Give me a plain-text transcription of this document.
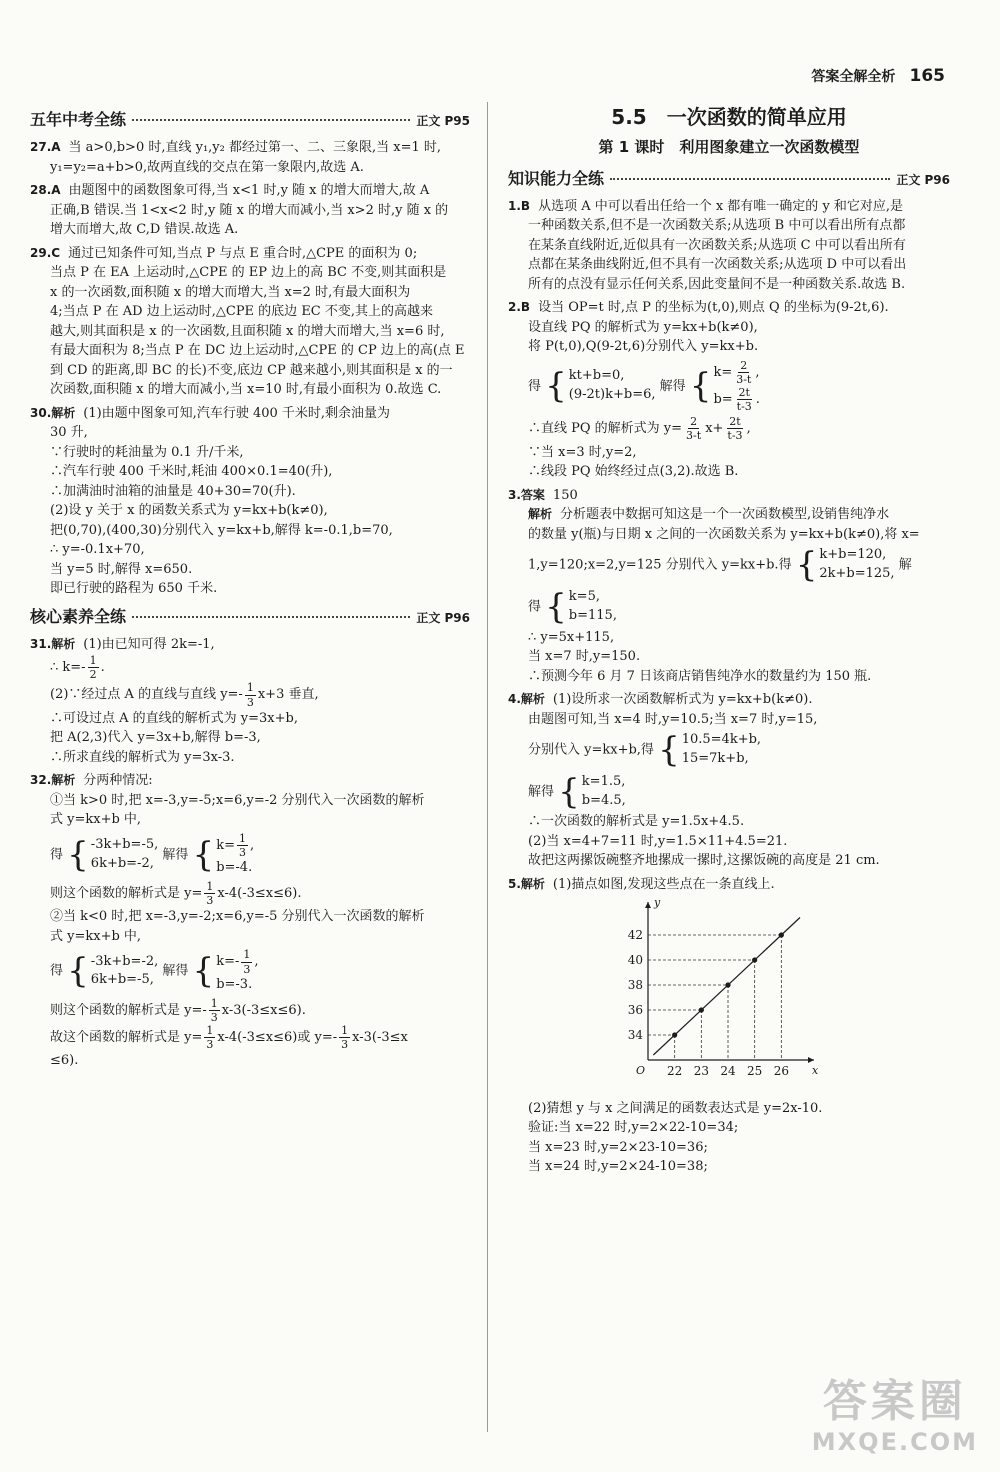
答案全解全析 165
五年中考全练	正文 P95

27.A 当 a>0,b>0 时,直线 y₁,y₂ 都经过第一、二、三象限,当 x=1 时,

y₁=y₂=a+b>0,故两直线的交点在第一象限内,故选 A.

28.A 由题图中的函数图象可得,当 x<1 时,y 随 x 的增大而增大,故 A

正确,B 错误.当 1<x<2 时,y 随 x 的增大而减小,当 x>2 时,y 随 x 的

增大而增大,故 C,D 错误.故选 A.

29.C 通过已知条件可知,当点 P 与点 E 重合时,△CPE 的面积为 0;

当点 P 在 EA 上运动时,△CPE 的 EP 边上的高 BC 不变,则其面积是

x 的一次函数,面积随 x 的增大而增大,当 x=2 时,有最大面积为

4;当点 P 在 AD 边上运动时,△CPE 的底边 EC 不变,其上的高越来

越大,则其面积是 x 的一次函数,且面积随 x 的增大而增大,当 x=6 时,

有最大面积为 8;当点 P 在 DC 边上运动时,△CPE 的 CP 边上的高(点 E

到 CD 的距离,即 BC 的长)不变,底边 CP 越来越小,则其面积是 x 的一

次函数,面积随 x 的增大而减小,当 x=10 时,有最小面积为 0.故选 C.

30.解析 (1)由题中图象可知,汽车行驶 400 千米时,剩余油量为

30 升,

∵行驶时的耗油量为 0.1 升/千米,

∴汽车行驶 400 千米时,耗油 400×0.1=40(升),

∴加满油时油箱的油量是 40+30=70(升).

(2)设 y 关于 x 的函数关系式为 y=kx+b(k≠0),

把(0,70),(400,30)分别代入 y=kx+b,解得 k=-0.1,b=70,

∴ y=-0.1x+70,

当 y=5 时,解得 x=650.

即已行驶的路程为 650 千米.

核心素养全练	正文 P96

31.解析 (1)由已知可得 2k=-1,

∴ $k=- \frac{1}{2}$ .

(2)∵经过点 A 的直线与直线 $y=- \frac{1}{3} x+3$ 垂直,

∴可设过点 A 的直线的解析式为 y=3x+b,

把 A(2,3)代入 y=3x+b,解得 b=-3,

∴所求直线的解析式为 y=3x-3.

32.解析 分两种情况:

①当 k>0 时,把 x=-3,y=-5;x=6,y=-2 分别代入一次函数的解析

式 y=kx+b 中,

得 { -3k+b=-5,
6k+b=-2,
解得 { $k= \frac{1}{3}$ ,
b=-4.

则这个函数的解析式是 $y= \frac{1}{3} x-4(-3\le x\le 6)$.

②当 k<0 时,把 x=-3,y=-2;x=6,y=-5 分别代入一次函数的解析

式 y=kx+b 中,

得 { -3k+b=-2,
6k+b=-5,
解得 { $k=- \frac{1}{3}$ ,
b=-3.

则这个函数的解析式是 $y=- \frac{1}{3} x-3(-3\le x\le 6)$.

故这个函数的解析式是 $y= \frac{1}{3} x-4(-3\le x\le 6)$或 $y=- \frac{1}{3} x-3(-3\le x$

≤6).

5.5　一次函数的简单应用
第 1 课时　利用图象建立一次函数模型
知识能力全练	正文 P96

1.B 从选项 A 中可以看出任给一个 x 都有唯一确定的 y 和它对应,是

一种函数关系,但不是一次函数关系;从选项 B 中可以看出所有点都

在某条直线附近,近似具有一次函数关系;从选项 C 中可以看出所有

点都在某条曲线附近,但不具有一次函数关系;从选项 D 中可以看出

所有的点没有显示任何关系,因此变量间不是一种函数关系.故选 B.

2.B 设当 OP=t 时,点 P 的坐标为(t,0),则点 Q 的坐标为(9-2t,6).

设直线 PQ 的解析式为 y=kx+b(k≠0),

将 P(t,0),Q(9-2t,6)分别代入 y=kx+b.

得 { kt+b=0,
(9-2t)k+b=6,
解得 { $k= \frac{2}{3-t}$ ,
$b= \frac{2t}{t-3}$ .

∴直线 PQ 的解析式为 $y= \frac{2}{3-t} x+ \frac{2t}{t-3}$ ,

∵当 x=3 时,y=2,

∴线段 PQ 始终经过点(3,2).故选 B.

3.答案 150

解析 分析题表中数据可知这是一个一次函数模型,设销售纯净水

的数量 y(瓶)与日期 x 之间的一次函数关系为 y=kx+b(k≠0),将 x=

1,y=120;x=2,y=125 分别代入 y=kx+b.得 { k+b=120,
2k+b=125,
解

得 { k=5,
b=115,

∴ y=5x+115,

当 x=7 时,y=150.

∴预测今年 6 月 7 日该商店销售纯净水的数量约为 150 瓶.

4.解析 (1)设所求一次函数解析式为 y=kx+b(k≠0).

由题图可知,当 x=4 时,y=10.5;当 x=7 时,y=15,

分别代入 y=kx+b,得 { 10.5=4k+b,
15=7k+b,

解得 { k=1.5,
b=4.5,

∴一次函数的解析式是 y=1.5x+4.5.

(2)当 x=4+7=11 时,y=1.5×11+4.5=21.

故把这两摞饭碗整齐地摞成一摞时,这摞饭碗的高度是 21 cm.

5.解析 (1)描点如图,发现这些点在一条直线上.

x
y
O 22 23 24 25 26
34
36
38
40
42

(2)猜想 y 与 x 之间满足的函数表达式是 y=2x-10.

验证:当 x=22 时,y=2×22-10=34;

当 x=23 时,y=2×23-10=36;

当 x=24 时,y=2×24-10=38;

答案圈
MXQE.COM
